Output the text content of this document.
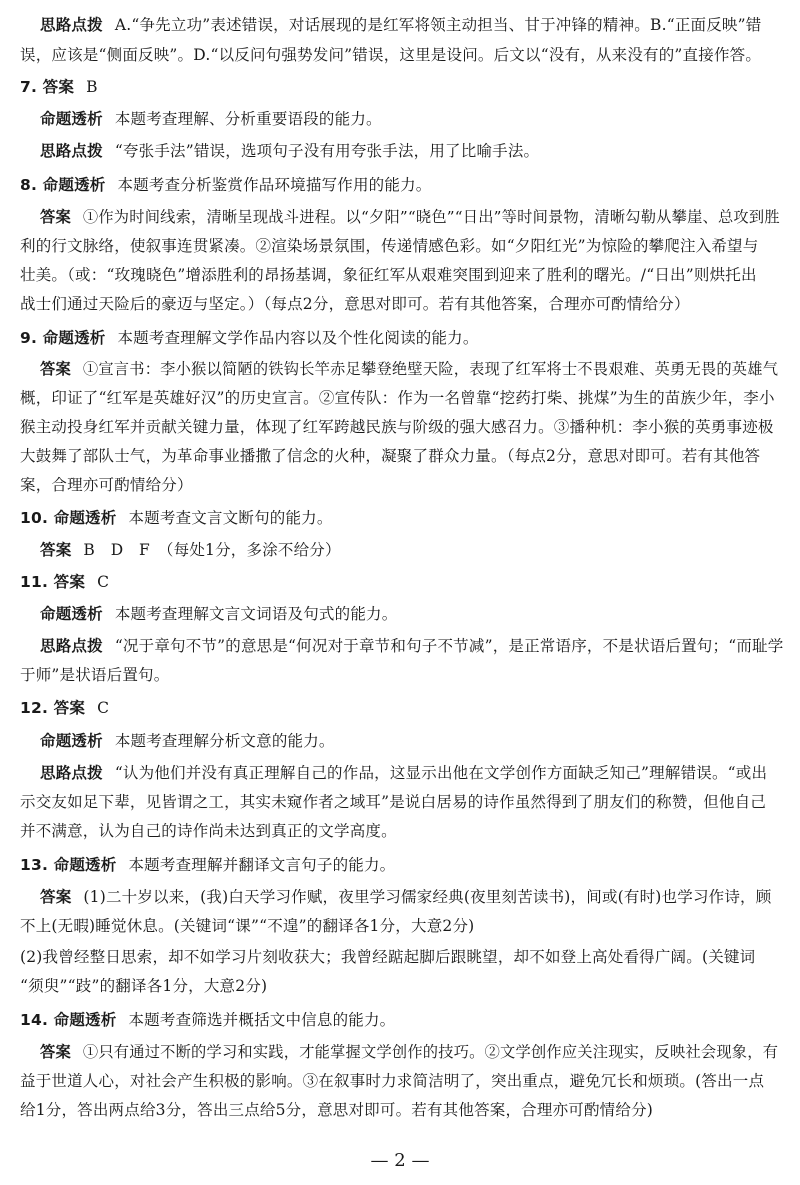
— 2 —
思路点拨 A.“争先立功”表述错误，对话展现的是红军将领主动担当、甘于冲锋的精神。B.“正面反映”错
误，应该是“侧面反映”。D.“以反问句强势发问”错误，这里是设问。后文以“没有，从来没有的”直接作答。
7. 答案 B
命题透析 本题考查理解、分析重要语段的能力。
思路点拨 “夸张手法”错误，选项句子没有用夸张手法，用了比喻手法。
8. 命题透析 本题考查分析鉴赏作品环境描写作用的能力。
答案 ①作为时间线索，清晰呈现战斗进程。以“夕阳”“晓色”“日出”等时间景物，清晰勾勒从攀崖、总攻到胜
利的行文脉络，使叙事连贯紧凑。②渲染场景氛围，传递情感色彩。如“夕阳红光”为惊险的攀爬注入希望与
壮美。（或：“玫瑰晓色”增添胜利的昂扬基调，象征红军从艰难突围到迎来了胜利的曙光。/“日出”则烘托出
战士们通过天险后的豪迈与坚定。）（每点2分，意思对即可。若有其他答案，合理亦可酌情给分）
9. 命题透析 本题考查理解文学作品内容以及个性化阅读的能力。
答案 ①宣言书：李小猴以简陋的铁钩长竿赤足攀登绝壁天险，表现了红军将士不畏艰难、英勇无畏的英雄气
概，印证了“红军是英雄好汉”的历史宣言。②宣传队：作为一名曾靠“挖药打柴、挑煤”为生的苗族少年，李小
猴主动投身红军并贡献关键力量，体现了红军跨越民族与阶级的强大感召力。③播种机：李小猴的英勇事迹极
大鼓舞了部队士气，为革命事业播撒了信念的火种，凝聚了群众力量。（每点2分，意思对即可。若有其他答
案，合理亦可酌情给分）
10. 命题透析 本题考查文言文断句的能力。
答案 B　D　F　（每处1分，多涂不给分）
11. 答案 C
命题透析 本题考查理解文言文词语及句式的能力。
思路点拨 “况于章句不节”的意思是“何况对于章节和句子不节减”，是正常语序，不是状语后置句；“而耻学
于师”是状语后置句。
12. 答案 C
命题透析 本题考查理解分析文意的能力。
思路点拨 “认为他们并没有真正理解自己的作品，这显示出他在文学创作方面缺乏知己”理解错误。“或出
示交友如足下辈，见皆谓之工，其实未窥作者之域耳”是说白居易的诗作虽然得到了朋友们的称赞，但他自己
并不满意，认为自己的诗作尚未达到真正的文学高度。
13. 命题透析 本题考查理解并翻译文言句子的能力。
答案 (1)二十岁以来，(我)白天学习作赋，夜里学习儒家经典(夜里刻苦读书)，间或(有时)也学习作诗，顾
不上(无暇)睡觉休息。(关键词“课”“不遑”的翻译各1分，大意2分)
(2)我曾经整日思索，却不如学习片刻收获大；我曾经踮起脚后跟眺望，却不如登上高处看得广阔。(关键词
“须臾”“跂”的翻译各1分，大意2分)
14. 命题透析 本题考查筛选并概括文中信息的能力。
答案 ①只有通过不断的学习和实践，才能掌握文学创作的技巧。②文学创作应关注现实，反映社会现象，有
益于世道人心，对社会产生积极的影响。③在叙事时力求简洁明了，突出重点，避免冗长和烦琐。(答出一点
给1分，答出两点给3分，答出三点给5分，意思对即可。若有其他答案，合理亦可酌情给分)
